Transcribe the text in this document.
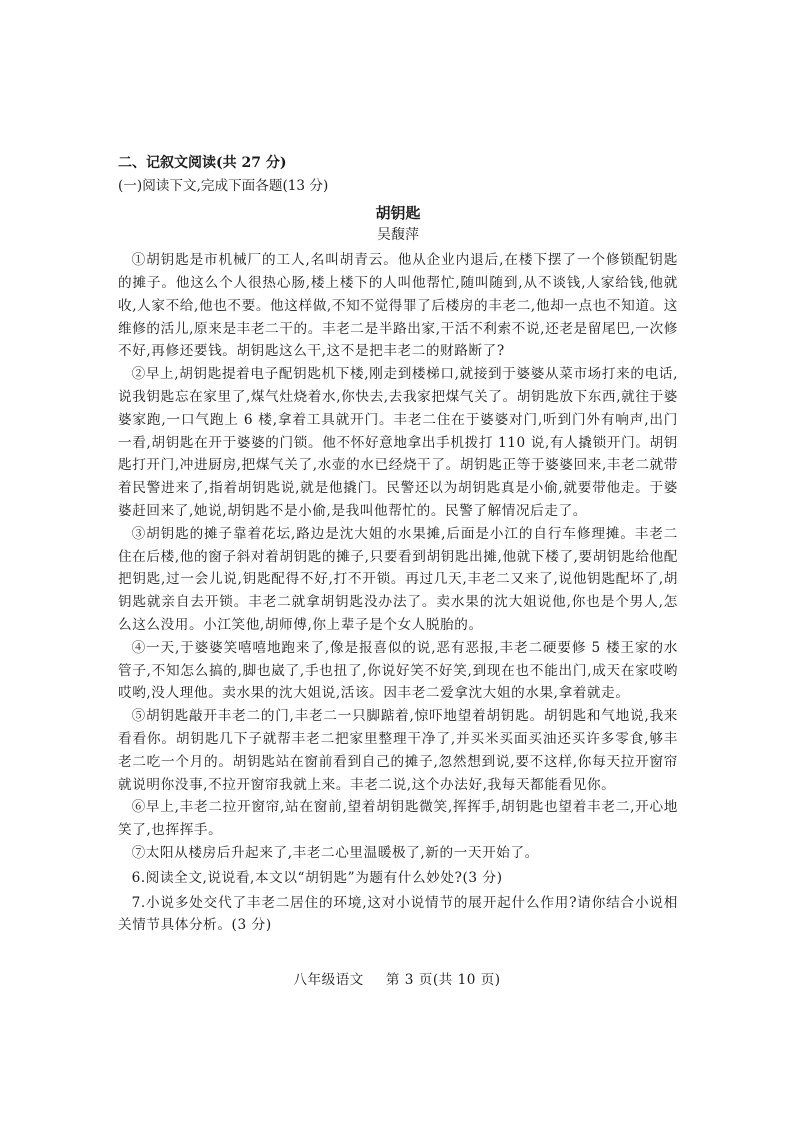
二、记叙文阅读(共 27 分)

(一)阅读下文,完成下面各题(13 分)

胡钥匙

吴馥萍

①胡钥匙是市机械厂的工人,名叫胡青云。他从企业内退后,在楼下摆了一个修锁配钥匙的摊子。他这么个人很热心肠,楼上楼下的人叫他帮忙,随叫随到,从不谈钱,人家给钱,他就收,人家不给,他也不要。他这样做,不知不觉得罪了后楼房的丰老二,他却一点也不知道。这维修的活儿,原来是丰老二干的。丰老二是半路出家,干活不利索不说,还老是留尾巴,一次修不好,再修还要钱。胡钥匙这么干,这不是把丰老二的财路断了?

②早上,胡钥匙提着电子配钥匙机下楼,刚走到楼梯口,就接到于婆婆从菜市场打来的电话,说我钥匙忘在家里了,煤气灶烧着水,你快去,去我家把煤气关了。胡钥匙放下东西,就往于婆婆家跑,一口气跑上 6 楼,拿着工具就开门。丰老二住在于婆婆对门,听到门外有响声,出门一看,胡钥匙在开于婆婆的门锁。他不怀好意地拿出手机拨打 110 说,有人撬锁开门。胡钥匙打开门,冲进厨房,把煤气关了,水壶的水已经烧干了。胡钥匙正等于婆婆回来,丰老二就带着民警进来了,指着胡钥匙说,就是他撬门。民警还以为胡钥匙真是小偷,就要带他走。于婆婆赶回来了,她说,胡钥匙不是小偷,是我叫他帮忙的。民警了解情况后走了。

③胡钥匙的摊子靠着花坛,路边是沈大姐的水果摊,后面是小江的自行车修理摊。丰老二住在后楼,他的窗子斜对着胡钥匙的摊子,只要看到胡钥匙出摊,他就下楼了,要胡钥匙给他配把钥匙,过一会儿说,钥匙配得不好,打不开锁。再过几天,丰老二又来了,说他钥匙配坏了,胡钥匙就亲自去开锁。丰老二就拿胡钥匙没办法了。卖水果的沈大姐说他,你也是个男人,怎么这么没用。小江笑他,胡师傅,你上辈子是个女人脱胎的。

④一天,于婆婆笑嘻嘻地跑来了,像是报喜似的说,恶有恶报,丰老二硬要修 5 楼王家的水管子,不知怎么搞的,脚也崴了,手也扭了,你说好笑不好笑,到现在也不能出门,成天在家哎哟哎哟,没人理他。卖水果的沈大姐说,活该。因丰老二爱拿沈大姐的水果,拿着就走。

⑤胡钥匙敲开丰老二的门,丰老二一只脚踮着,惊吓地望着胡钥匙。胡钥匙和气地说,我来看看你。胡钥匙几下子就帮丰老二把家里整理干净了,并买米买面买油还买许多零食,够丰老二吃一个月的。胡钥匙站在窗前看到自己的摊子,忽然想到说,要不这样,你每天拉开窗帘就说明你没事,不拉开窗帘我就上来。丰老二说,这个办法好,我每天都能看见你。

⑥早上,丰老二拉开窗帘,站在窗前,望着胡钥匙微笑,挥挥手,胡钥匙也望着丰老二,开心地笑了,也挥挥手。

⑦太阳从楼房后升起来了,丰老二心里温暖极了,新的一天开始了。

6.阅读全文,说说看,本文以“胡钥匙”为题有什么妙处?(3 分)

7.小说多处交代了丰老二居住的环境,这对小说情节的展开起什么作用?请你结合小说相关情节具体分析。(3 分)

八年级语文 第 3 页(共 10 页)
